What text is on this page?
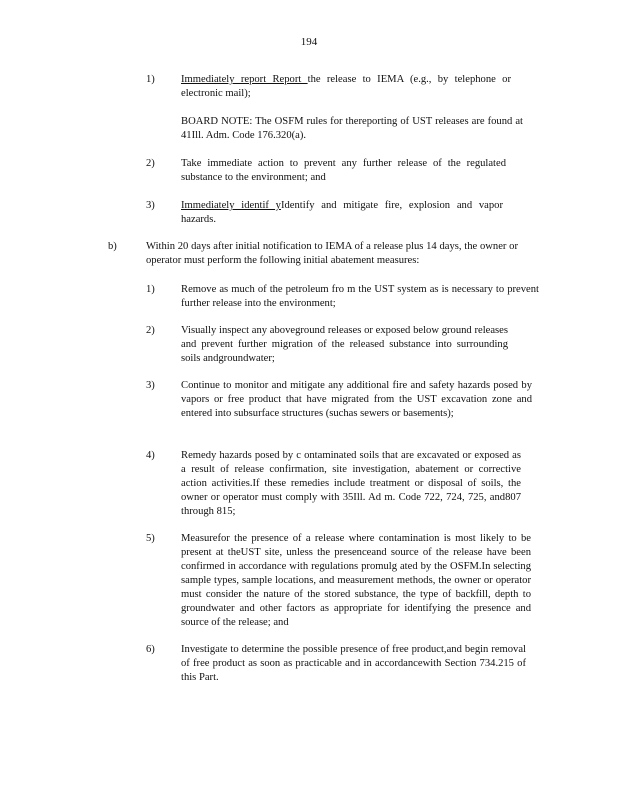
194
1) Immediately report Report the release to IEMA (e.g., by telephone or electronic mail);
BOARD NOTE: The OSFM rules for thereporting of UST releases are found at 41Ill. Adm. Code 176.320(a).
2) Take immediate action to prevent any further release of the regulated substance to the environment; and
3) Immediately identif yIdentify and mitigate fire, explosion and vapor hazards.
b)	Within 20 days after initial notification to IEMA of a release plus 14 days, the owner or operator must perform the following initial abatement measures:
1) Remove as much of the petroleum fro m the UST system as is necessary to prevent further release into the environment;
2) Visually inspect any aboveground releases or exposed below ground releases and prevent further migration of the released substance into surrounding soils andgroundwater;
3) Continue to monitor and mitigate any additional fire and safety hazards posed by vapors or free product that have migrated from the UST excavation zone and entered into subsurface structures (suchas sewers or basements);
4) Remedy hazards posed by c ontaminated soils that are excavated or exposed as a result of release confirmation, site investigation, abatement or corrective action activities.If these remedies include treatment or disposal of soils, the owner or operator must comply with 35Ill. Ad m. Code 722, 724, 725, and807 through 815;
5) Measurefor the presence of a release where contamination is most likely to be present at theUST site, unless the presenceand source of the release have been confirmed in accordance with regulations promulg ated by the OSFM.In selecting sample types, sample locations, and measurement methods, the owner or operator must consider the nature of the stored substance, the type of backfill, depth to groundwater and other factors as appropriate for identifying the presence and source of the release; and
6) Investigate to determine the possible presence of free product,and begin removal of free product as soon as practicable and in accordancewith Section 734.215 of this Part.
